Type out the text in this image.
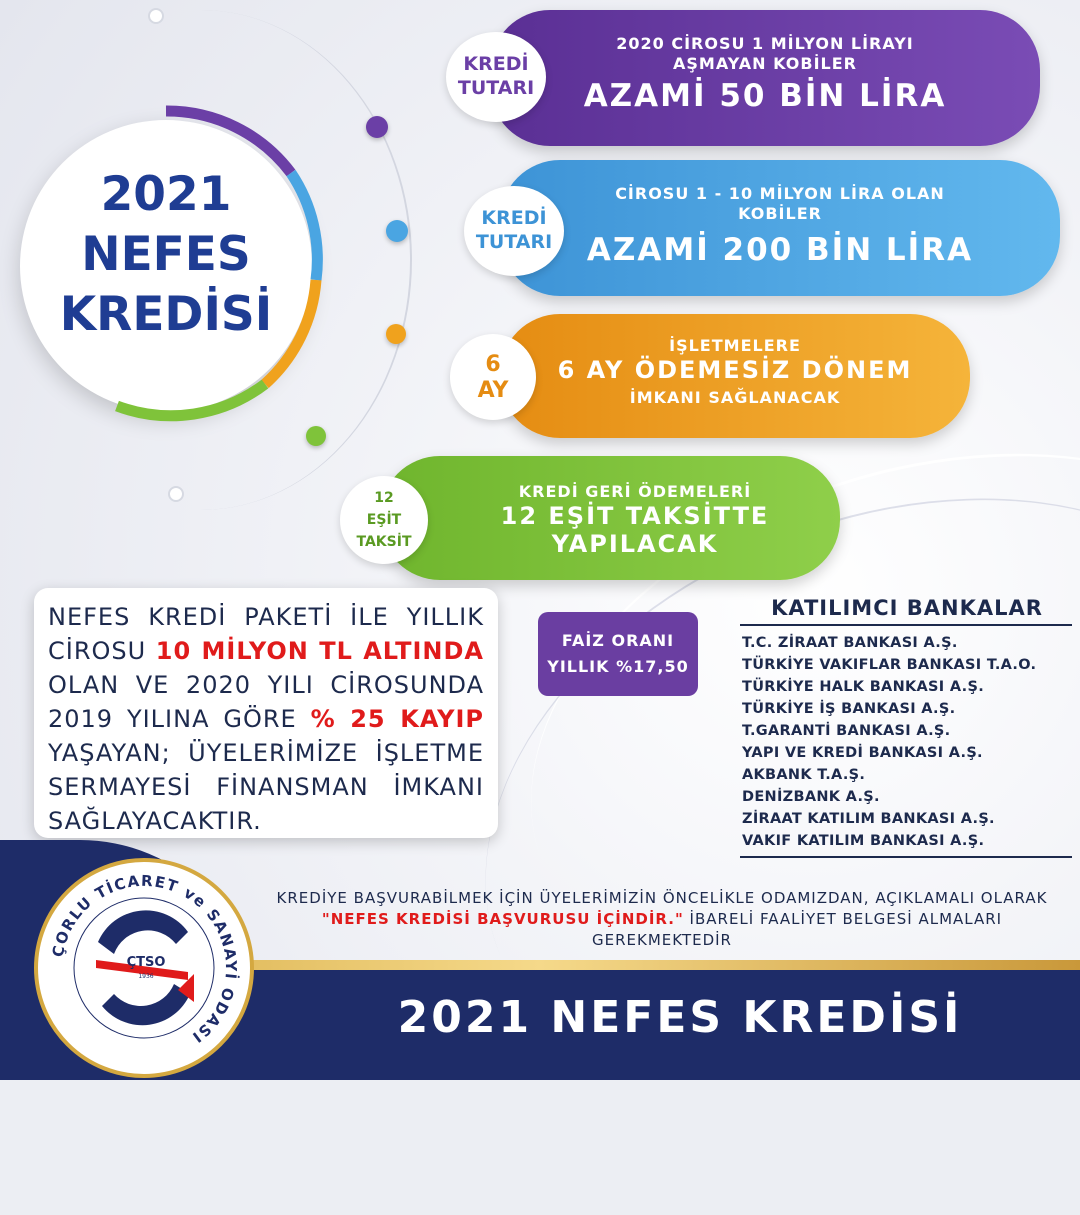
2021
NEFES
KREDİSİ
2020 CİROSU 1 MİLYON LİRAYI
AŞMAYAN KOBİLER
AZAMİ 50 BİN LİRA
KREDİ
TUTARI
CİROSU 1 - 10 MİLYON LİRA OLAN
KOBİLER
AZAMİ 200 BİN LİRA
KREDİ
TUTARI
İŞLETMELERE
6 AY ÖDEMESİZ DÖNEM
İMKANI SAĞLANACAK
6
AY
KREDİ GERİ ÖDEMELERİ
12 EŞİT TAKSİTTE
YAPILACAK
12
EŞİT
TAKSİT
NEFES KREDİ PAKETİ İLE YILLIK CİROSU 10 MİLYON TL ALTINDA OLAN VE 2020 YILI CİROSUNDA 2019 YILINA GÖRE % 25 KAYIP YAŞAYAN; ÜYELERİMİZE İŞLETME SERMAYESİ FİNANSMAN İMKANI SAĞLAYACAKTIR.
FAİZ ORANI
YILLIK %17,50
KATILIMCI BANKALAR
T.C. ZİRAAT BANKASI A.Ş.
TÜRKİYE VAKIFLAR BANKASI T.A.O.
TÜRKİYE HALK BANKASI A.Ş.
TÜRKİYE İŞ BANKASI A.Ş.
T.GARANTİ BANKASI A.Ş.
YAPI VE KREDİ BANKASI A.Ş.
AKBANK T.A.Ş.
DENİZBANK A.Ş.
ZİRAAT KATILIM BANKASI A.Ş.
VAKIF KATILIM BANKASI A.Ş.
KREDİYE BAŞVURABİLMEK İÇİN ÜYELERİMİZİN ÖNCELİKLE ODAMIZDAN, AÇIKLAMALI OLARAK "NEFES KREDİSİ BAŞVURUSU İÇİNDİR." İBARELİ FAALİYET BELGESİ ALMALARI GEREKMEKTEDİR
2021 NEFES KREDİSİ
ÇORLU TİCARET ve SANAYİ ODASI
ÇTSO
1936
